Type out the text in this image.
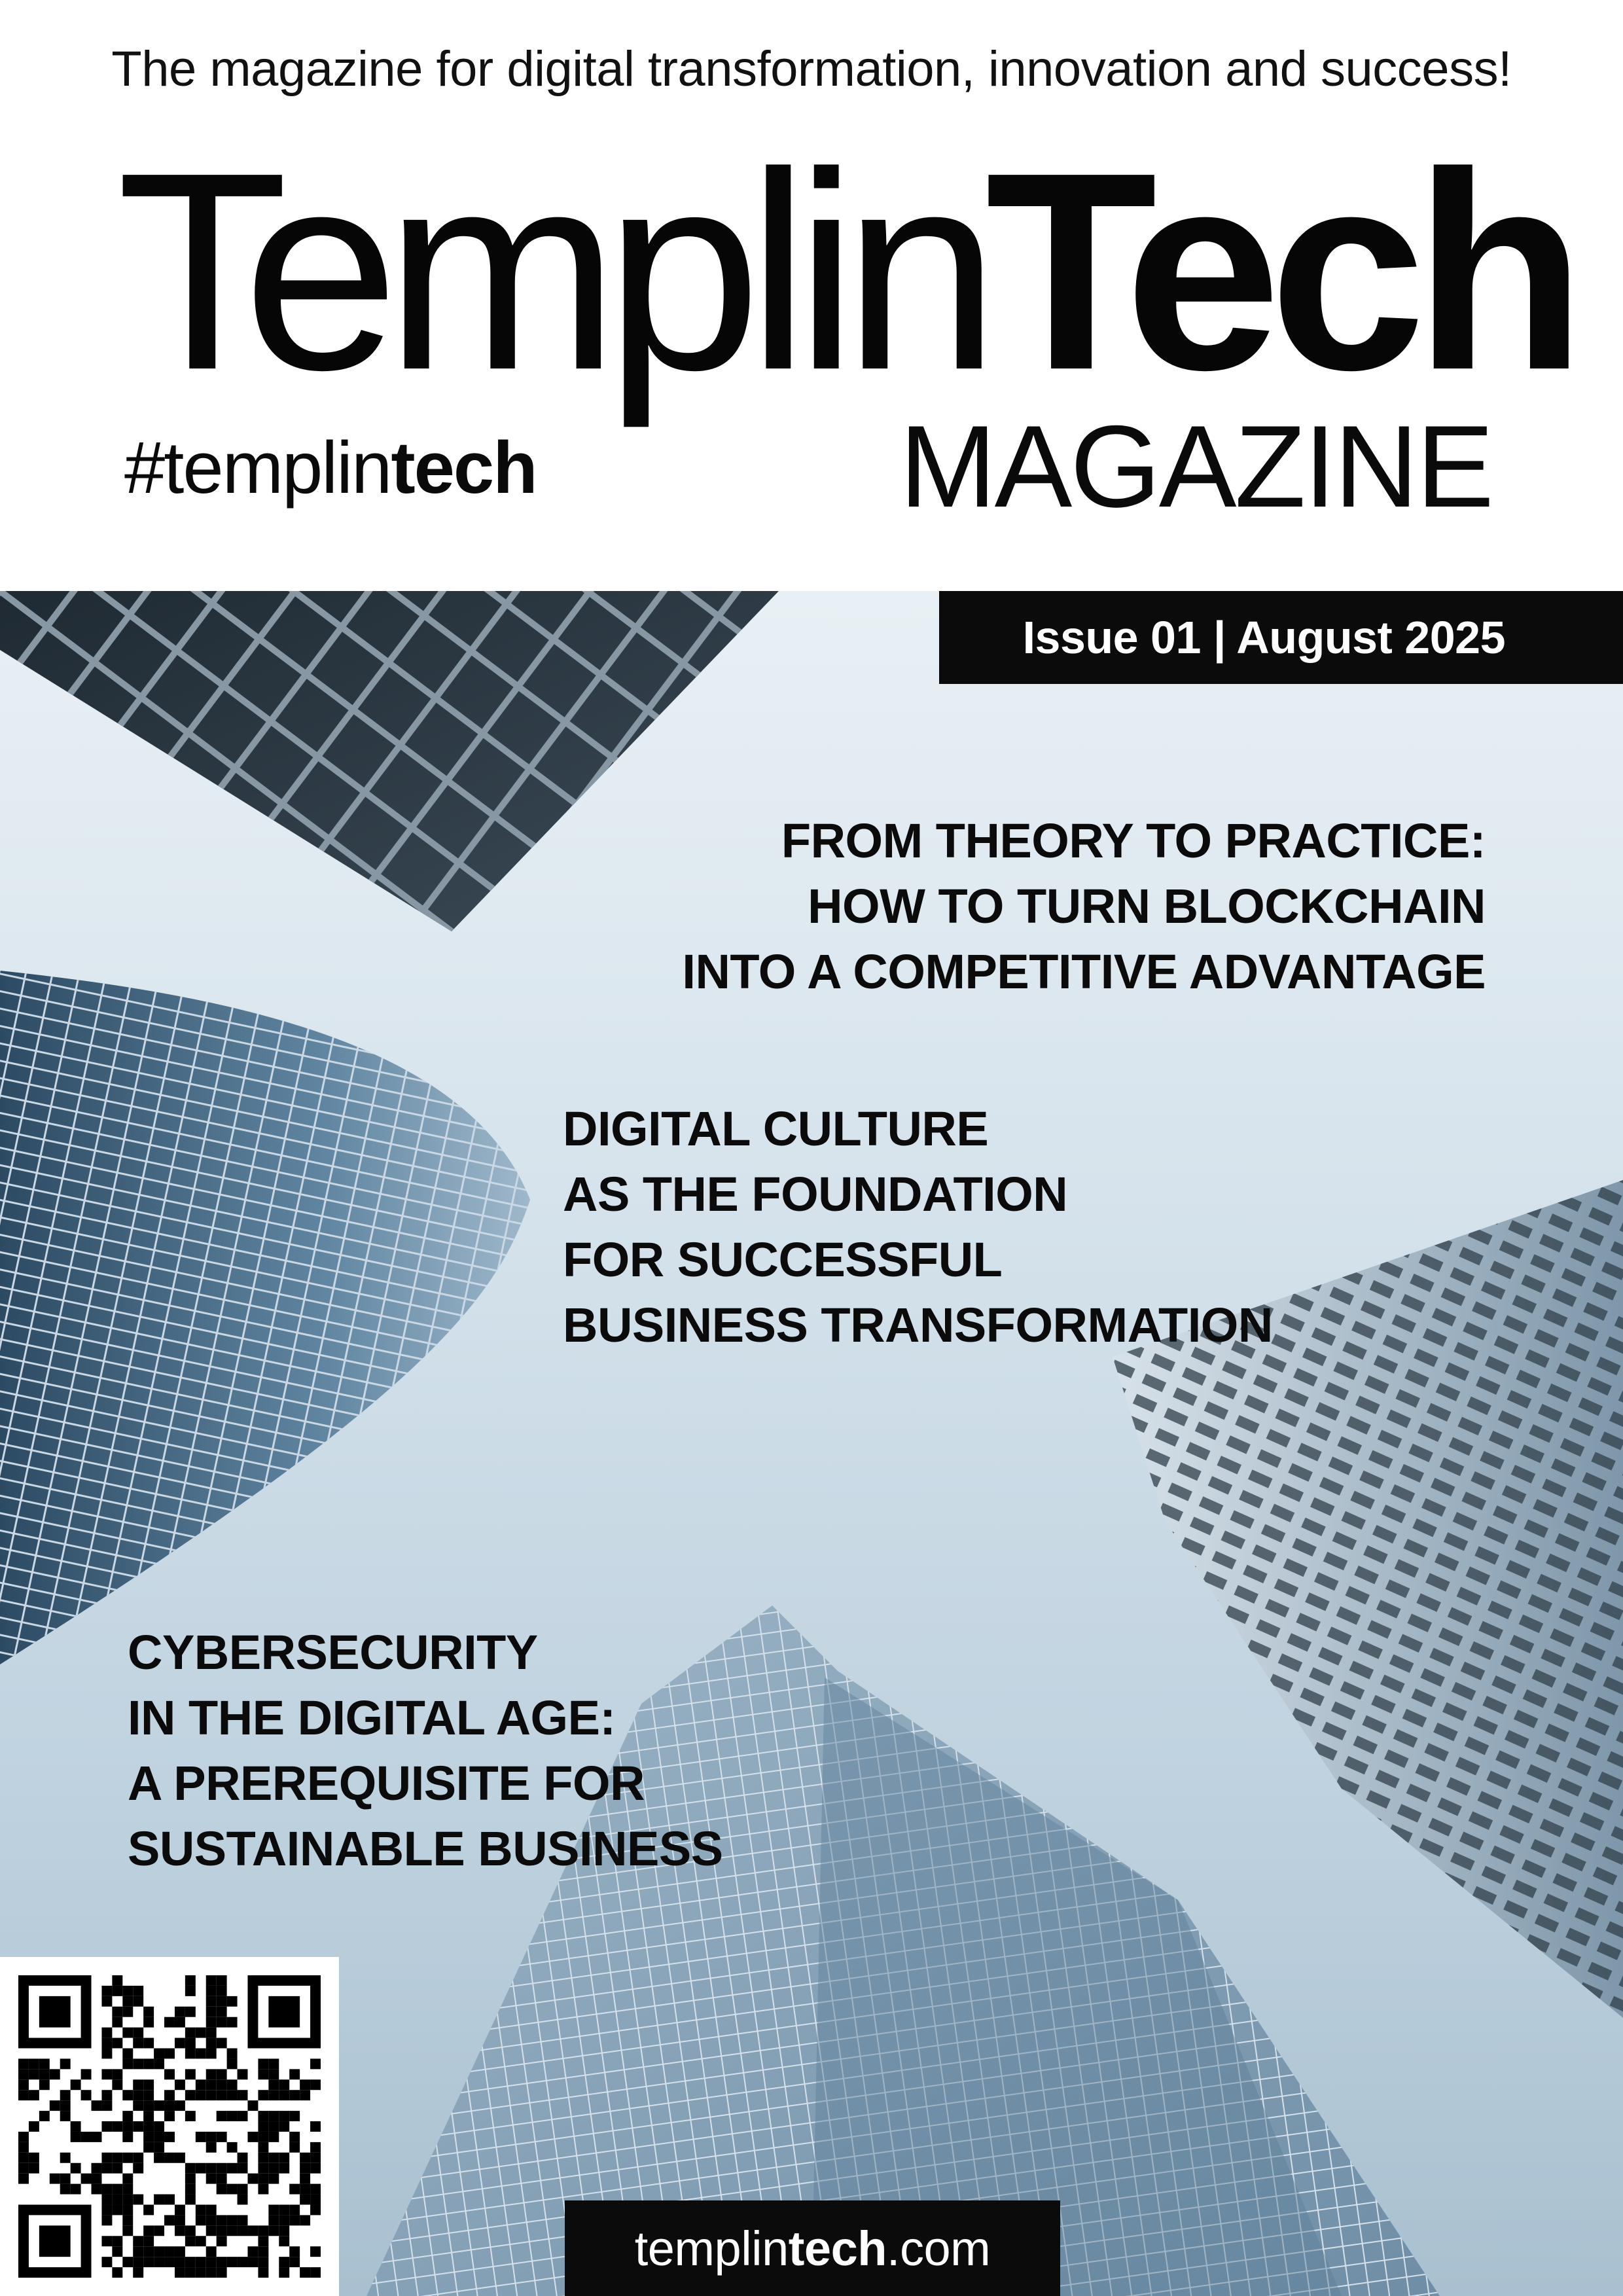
The magazine for digital transformation, innovation and success!
TemplinTech
#templintech	MAGAZINE
Issue 01 | August 2025
FROM THEORY TO PRACTICE:
HOW TO TURN BLOCKCHAIN
INTO A COMPETITIVE ADVANTAGE
DIGITAL CULTURE
AS THE FOUNDATION
FOR SUCCESSFUL
BUSINESS TRANSFORMATION
CYBERSECURITY
IN THE DIGITAL AGE:
A PREREQUISITE FOR
SUSTAINABLE BUSINESS
templin tech .com
